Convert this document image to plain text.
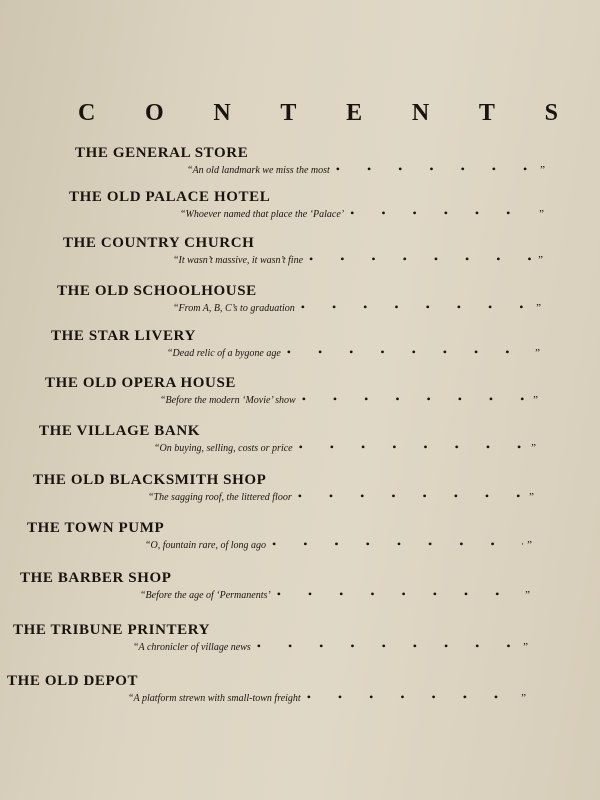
C O N T E N T S
THE GENERAL STORE
“An old landmark we miss the most • • •	”
THE OLD PALACE HOTEL
“Whoever named that place the ‘Palace’ • • •	”
THE COUNTRY CHURCH
“It wasn’t massive, it wasn’t fine • • •	”
THE OLD SCHOOLHOUSE
“From A, B, C’s to graduation • • •	”
THE STAR LIVERY
“Dead relic of a bygone age • • •	”
THE OLD OPERA HOUSE
“Before the modern ‘Movie’ show • • •	”
THE VILLAGE BANK
“On buying, selling, costs or price • • •	”
THE OLD BLACKSMITH SHOP
“The sagging roof, the littered floor • • •	”
THE TOWN PUMP
“O, fountain rare, of long ago • • •	”
THE BARBER SHOP
“Before the age of ‘Permanents’ • • •	”
THE TRIBUNE PRINTERY
“A chronicler of village news • • •	”
THE OLD DEPOT
“A platform strewn with small-town freight • • •	”
